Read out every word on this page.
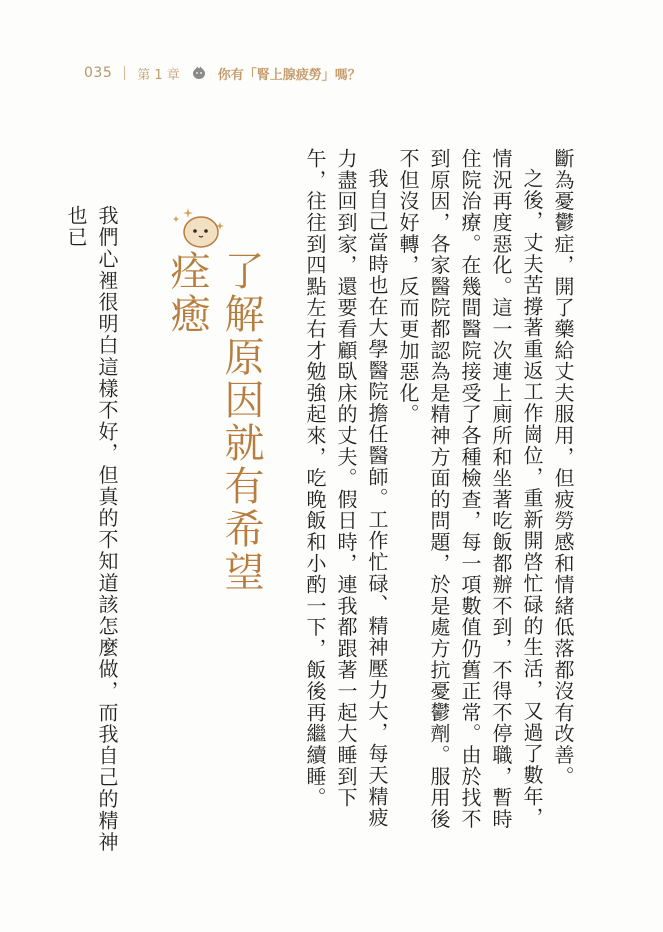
035 第 1 章	你有「腎上腺疲勞」嗎？

斷為憂鬱症，開了藥給丈夫服用，但疲勞感和情緒低落都沒有改善。

之後，丈夫苦撐著重返工作崗位，重新開啓忙碌的生活，又過了數年，情況再度惡化。這一次連上廁所和坐著吃飯都辦不到，不得不停職，暫時住院治療。在幾間醫院接受了各種檢查，每一項數值仍舊正常。由於找不到原因，各家醫院都認為是精神方面的問題，於是處方抗憂鬱劑。服用後不但沒好轉，反而更加惡化。

我自己當時也在大學醫院擔任醫師。工作忙碌、精神壓力大，每天精疲力盡回到家，還要看顧臥床的丈夫。假日時，連我都跟著一起大睡到下午，往往到四點左右才勉強起來，吃晚飯和小酌一下，飯後再繼續睡。

了解原因就有希望痊癒
我們心裡很明白這樣不好，但真的不知道該怎麼做，而我自己的精神也已
